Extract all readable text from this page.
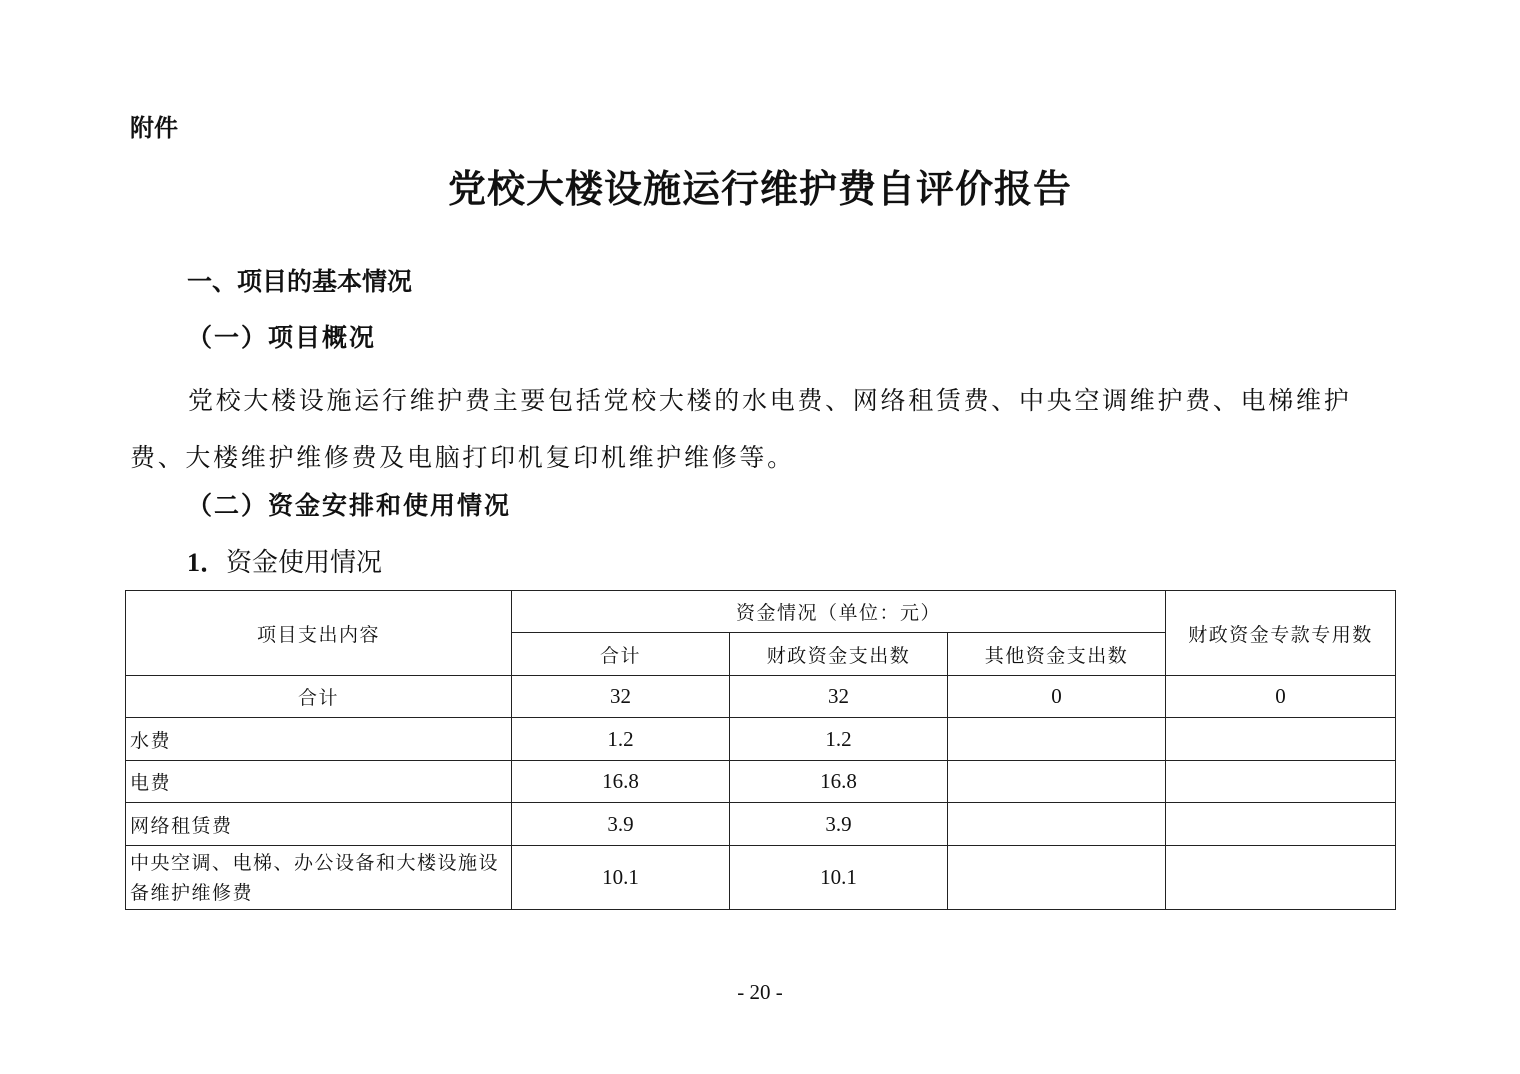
附件
党校大楼设施运行维护费自评价报告
一、项目的基本情况
（一）项目概况
党校大楼设施运行维护费主要包括党校大楼的水电费、网络租赁费、中央空调维护费、电梯维护费、大楼维护维修费及电脑打印机复印机维护维修等。
（二）资金安排和使用情况
1．资金使用情况
项目支出内容	资金情况（单位：元）			财政资金专款专用数
	合计	财政资金支出数	其他资金支出数	
合计	32	32	0	0
水费	1.2	1.2		
电费	16.8	16.8		
网络租赁费	3.9	3.9		
中央空调、电梯、办公设备和大楼设施设备维护维修费	10.1	10.1		
- 20 -
